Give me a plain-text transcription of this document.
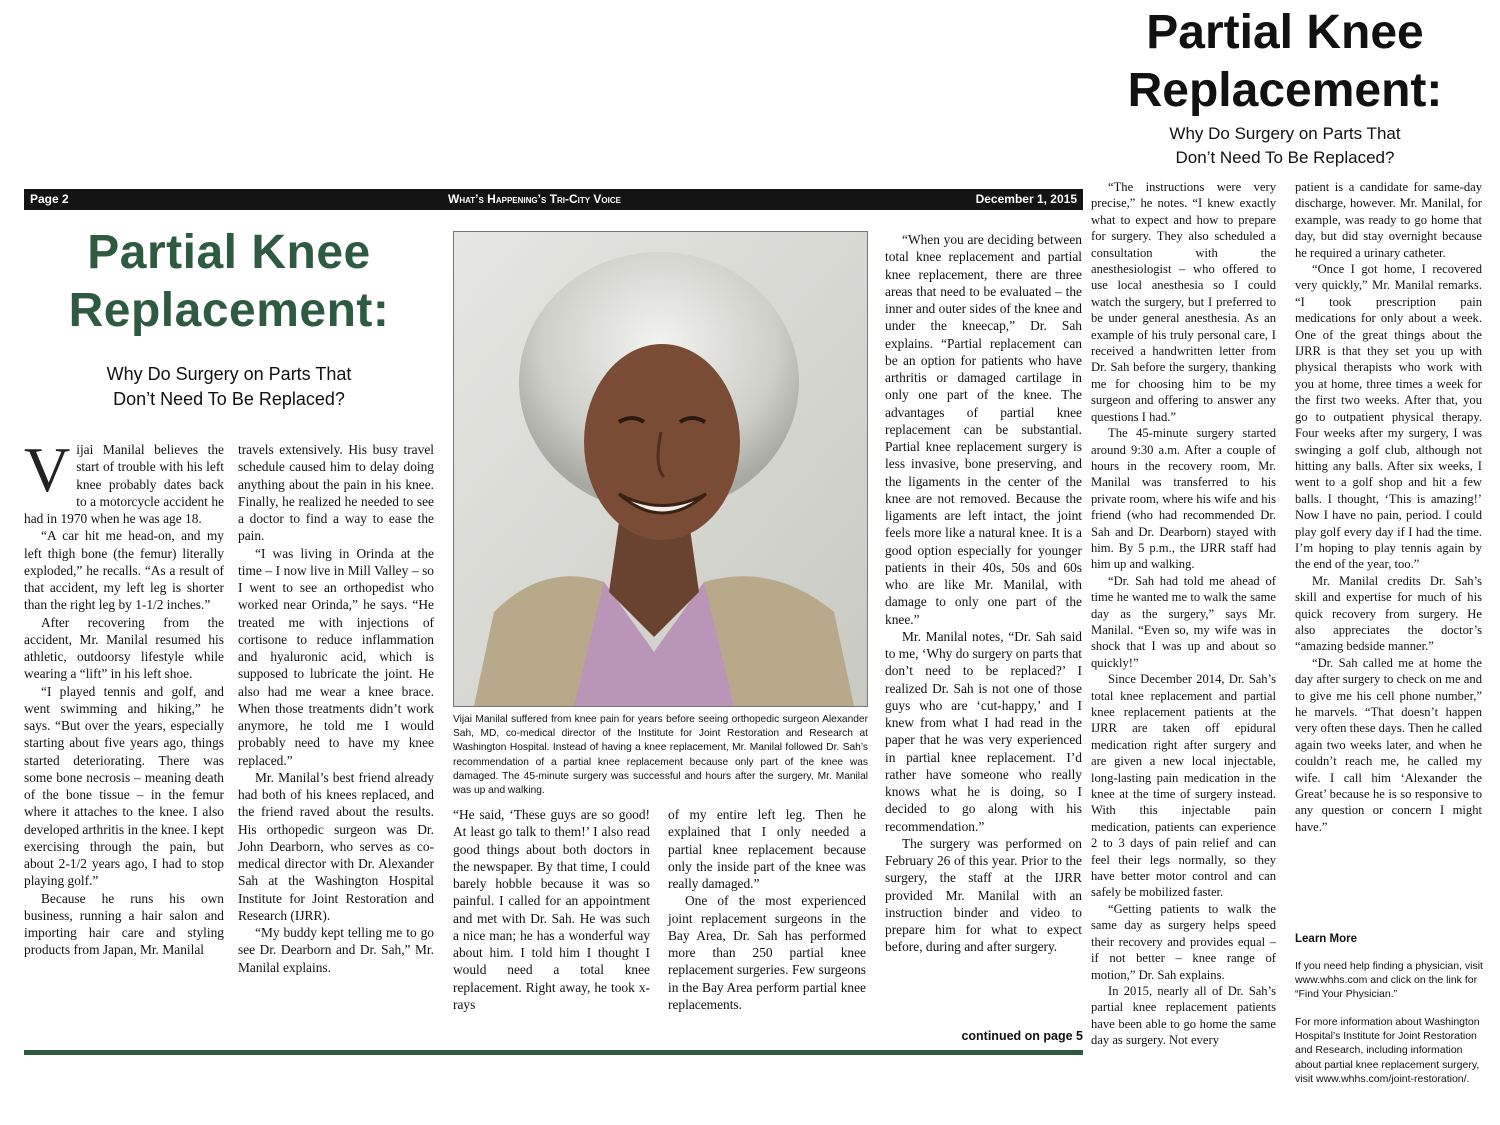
Partial Knee
Replacement:
Why Do Surgery on Parts That
Don’t Need To Be Replaced?
Page 2	What’s Happening’s Tri-City Voice	December 1, 2015
Partial Knee
Replacement:
Why Do Surgery on Parts That
Don’t Need To Be Replaced?

Vijai Manilal believes the start of trouble with his left knee probably dates back to a motorcycle accident he had in 1970 when he was age 18.

“A car hit me head-on, and my left thigh bone (the femur) literally exploded,” he recalls. “As a result of that accident, my left leg is shorter than the right leg by 1-1/2 inches.”

After recovering from the accident, Mr. Manilal resumed his athletic, outdoorsy lifestyle while wearing a “lift” in his left shoe.

“I played tennis and golf, and went swimming and hiking,” he says. “But over the years, especially starting about five years ago, things started deteriorating. There was some bone necrosis – meaning death of the bone tissue – in the femur where it attaches to the knee. I also developed arthritis in the knee. I kept exercising through the pain, but about 2-1/2 years ago, I had to stop playing golf.”

Because he runs his own business, running a hair salon and importing hair care and styling products from Japan, Mr. Manilal

travels extensively. His busy travel schedule caused him to delay doing anything about the pain in his knee. Finally, he realized he needed to see a doctor to find a way to ease the pain.

“I was living in Orinda at the time – I now live in Mill Valley – so I went to see an orthopedist who worked near Orinda,” he says. “He treated me with injections of cortisone to reduce inflammation and hyaluronic acid, which is supposed to lubricate the joint. He also had me wear a knee brace. When those treatments didn’t work anymore, he told me I would probably need to have my knee replaced.”

Mr. Manilal’s best friend already had both of his knees replaced, and the friend raved about the results. His orthopedic surgeon was Dr. John Dearborn, who serves as co-medical director with Dr. Alexander Sah at the Washington Hospital Institute for Joint Restoration and Research (IJRR).

“My buddy kept telling me to go see Dr. Dearborn and Dr. Sah,” Mr. Manilal explains.

Vijai Manilal suffered from knee pain for years before seeing orthopedic surgeon Alexander Sah, MD, co-medical director of the Institute for Joint Restoration and Research at Washington Hospital. Instead of having a knee replacement, Mr. Manilal followed Dr. Sah’s recommendation of a partial knee replacement because only part of the knee was damaged. The 45-minute surgery was successful and hours after the surgery, Mr. Manilal was up and walking.

“He said, ‘These guys are so good! At least go talk to them!’ I also read good things about both doctors in the newspaper. By that time, I could barely hobble because it was so painful. I called for an appointment and met with Dr. Sah. He was such a nice man; he has a wonderful way about him. I told him I thought I would need a total knee replacement. Right away, he took x-rays

of my entire left leg. Then he explained that I only needed a partial knee replacement because only the inside part of the knee was really damaged.”

One of the most experienced joint replacement surgeons in the Bay Area, Dr. Sah has performed more than 250 partial knee replacement surgeries. Few surgeons in the Bay Area perform partial knee replacements.

“When you are deciding between total knee replacement and partial knee replacement, there are three areas that need to be evaluated – the inner and outer sides of the knee and under the kneecap,” Dr. Sah explains. “Partial replacement can be an option for patients who have arthritis or damaged cartilage in only one part of the knee. The advantages of partial knee replacement can be substantial. Partial knee replacement surgery is less invasive, bone preserving, and the ligaments in the center of the knee are not removed. Because the ligaments are left intact, the joint feels more like a natural knee. It is a good option especially for younger patients in their 40s, 50s and 60s who are like Mr. Manilal, with damage to only one part of the knee.”

Mr. Manilal notes, “Dr. Sah said to me, ‘Why do surgery on parts that don’t need to be replaced?’ I realized Dr. Sah is not one of those guys who are ‘cut-happy,’ and I knew from what I had read in the paper that he was very experienced in partial knee replacement. I’d rather have someone who really knows what he is doing, so I decided to go along with his recommendation.”

The surgery was performed on February 26 of this year. Prior to the surgery, the staff at the IJRR provided Mr. Manilal with an instruction binder and video to prepare him for what to expect before, during and after surgery.

continued on page 5

“The instructions were very precise,” he notes. “I knew exactly what to expect and how to prepare for surgery. They also scheduled a consultation with the anesthesiologist – who offered to use local anesthesia so I could watch the surgery, but I preferred to be under general anesthesia. As an example of his truly personal care, I received a handwritten letter from Dr. Sah before the surgery, thanking me for choosing him to be my surgeon and offering to answer any questions I had.”

The 45-minute surgery started around 9:30 a.m. After a couple of hours in the recovery room, Mr. Manilal was transferred to his private room, where his wife and his friend (who had recommended Dr. Sah and Dr. Dearborn) stayed with him. By 5 p.m., the IJRR staff had him up and walking.

“Dr. Sah had told me ahead of time he wanted me to walk the same day as the surgery,” says Mr. Manilal. “Even so, my wife was in shock that I was up and about so quickly!”

Since December 2014, Dr. Sah’s total knee replacement and partial knee replacement patients at the IJRR are taken off epidural medication right after surgery and are given a new local injectable, long-lasting pain medication in the knee at the time of surgery instead. With this injectable pain medication, patients can experience 2 to 3 days of pain relief and can feel their legs normally, so they have better motor control and can safely be mobilized faster.

“Getting patients to walk the same day as surgery helps speed their recovery and provides equal – if not better – knee range of motion,” Dr. Sah explains.

In 2015, nearly all of Dr. Sah’s partial knee replacement patients have been able to go home the same day as surgery. Not every

patient is a candidate for same-day discharge, however. Mr. Manilal, for example, was ready to go home that day, but did stay overnight because he required a urinary catheter.

“Once I got home, I recovered very quickly,” Mr. Manilal remarks. “I took prescription pain medications for only about a week. One of the great things about the IJRR is that they set you up with physical therapists who work with you at home, three times a week for the first two weeks. After that, you go to outpatient physical therapy. Four weeks after my surgery, I was swinging a golf club, although not hitting any balls. After six weeks, I went to a golf shop and hit a few balls. I thought, ‘This is amazing!’ Now I have no pain, period. I could play golf every day if I had the time. I’m hoping to play tennis again by the end of the year, too.”

Mr. Manilal credits Dr. Sah’s skill and expertise for much of his quick recovery from surgery. He also appreciates the doctor’s “amazing bedside manner.”

“Dr. Sah called me at home the day after surgery to check on me and to give me his cell phone number,” he marvels. “That doesn’t happen very often these days. Then he called again two weeks later, and when he couldn’t reach me, he called my wife. I call him ‘Alexander the Great’ because he is so responsive to any question or concern I might have.”

Learn More
If you need help finding a physician, visit www.whhs.com and click on the link for “Find Your Physician.”
For more information about Washington Hospital’s Institute for Joint Restoration and Research, including information about partial knee replacement surgery, visit www.whhs.com/joint-restoration/.
